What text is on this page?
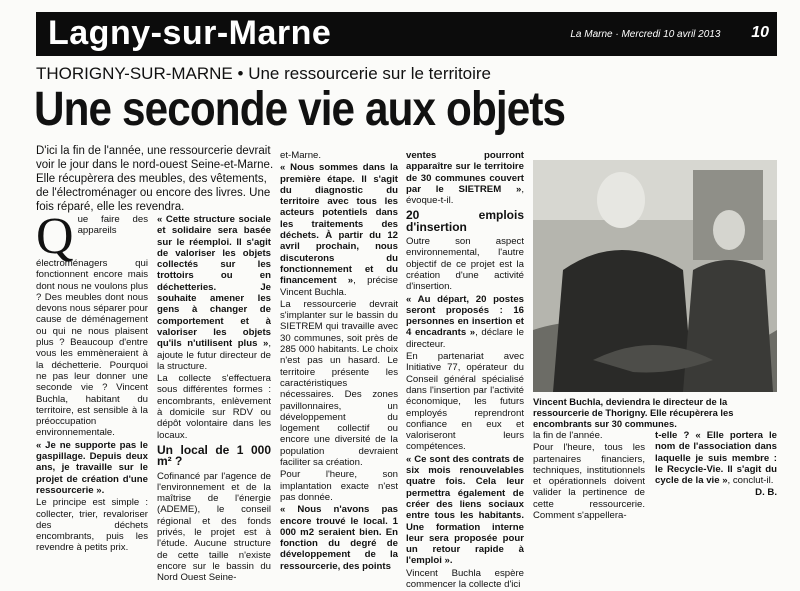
Lagny-sur-Marne	La Marne · Mercredi 10 avril 2013 10
THORIGNY-SUR-MARNE • Une ressourcerie sur le territoire
Une seconde vie aux objets
D'ici la fin de l'année, une ressourcerie devrait voir le jour dans le nord-ouest Seine-et-Marne. Elle récupèrera des meubles, des vêtements, de l'électroménager ou encore des livres. Une fois réparé, elle les revendra.

Que faire des appareils électroménagers qui fonctionnent encore mais dont nous ne voulons plus ? Des meubles dont nous devons nous séparer pour cause de déménagement ou qui ne nous plaisent plus ? Beaucoup d'entre vous les emmèneraient à la déchetterie. Pourquoi ne pas leur donner une seconde vie ? Vincent Buchla, habitant du territoire, est sensible à la préoccupation environnementale.

« Je ne supporte pas le gaspillage. Depuis deux ans, je travaille sur le projet de création d'une ressourcerie ».

Le principe est simple : collecter, trier, revaloriser des déchets encombrants, puis les revendre à petits prix.

« Cette structure sociale et solidaire sera basée sur le réemploi. Il s'agit de valoriser les objets collectés sur les trottoirs ou en déchetteries. Je souhaite amener les gens à changer de comportement et à valoriser les objets qu'ils n'utilisent plus », ajoute le futur directeur de la structure.

La collecte s'effectuera sous différentes formes : encombrants, enlèvement à domicile sur RDV ou dépôt volontaire dans les locaux.

Un local de 1 000 m² ?

Cofinancé par l'agence de l'environnement et de la maîtrise de l'énergie (ADEME), le conseil régional et des fonds privés, le projet est à l'étude. Aucune structure de cette taille n'existe encore sur le bassin du Nord Ouest Seine-

et-Marne.

« Nous sommes dans la première étape. Il s'agit du diagnostic du territoire avec tous les acteurs potentiels dans les traitements des déchets. À partir du 12 avril prochain, nous discuterons du fonctionnement et du financement », précise Vincent Buchla.

La ressourcerie devrait s'implanter sur le bassin du SIETREM qui travaille avec 30 communes, soit près de 285 000 habitants. Le choix n'est pas un hasard. Le territoire présente les caractéristiques nécessaires. Des zones pavillonnaires, un développement du logement collectif ou encore une diversité de la population devraient faciliter sa création.

Pour l'heure, son implantation exacte n'est pas donnée.

« Nous n'avons pas encore trouvé le local. 1 000 m2 seraient bien. En fonction du degré de développement de la ressourcerie, des points

ventes pourront apparaître sur le territoire de 30 communes couvert par le SIETREM », évoque-t-il.

20 emplois d'insertion

Outre son aspect environnemental, l'autre objectif de ce projet est la création d'une activité d'insertion.

« Au départ, 20 postes seront proposés : 16 personnes en insertion et 4 encadrants », déclare le directeur.

En partenariat avec Initiative 77, opérateur du Conseil général spécialisé dans l'insertion par l'activité économique, les futurs employés reprendront confiance en eux et valoriseront leurs compétences.

« Ce sont des contrats de six mois renouvelables quatre fois. Cela leur permettra également de créer des liens sociaux entre tous les habitants. Une formation interne leur sera proposée pour un retour rapide à l'emploi ».

Vincent Buchla espère commencer la collecte d'ici

Vincent Buchla, deviendra le directeur de la ressourcerie de Thorigny. Elle récupèrera les encombrants sur 30 communes.

la fin de l'année.

Pour l'heure, tous les partenaires financiers, techniques, institutionnels et opérationnels doivent valider la pertinence de cette ressourcerie. Comment s'appellera-

t-elle ? « Elle portera le nom de l'association dans laquelle je suis membre : le Recycle-Vie. Il s'agit du cycle de la vie », conclut-il.

D. B.
